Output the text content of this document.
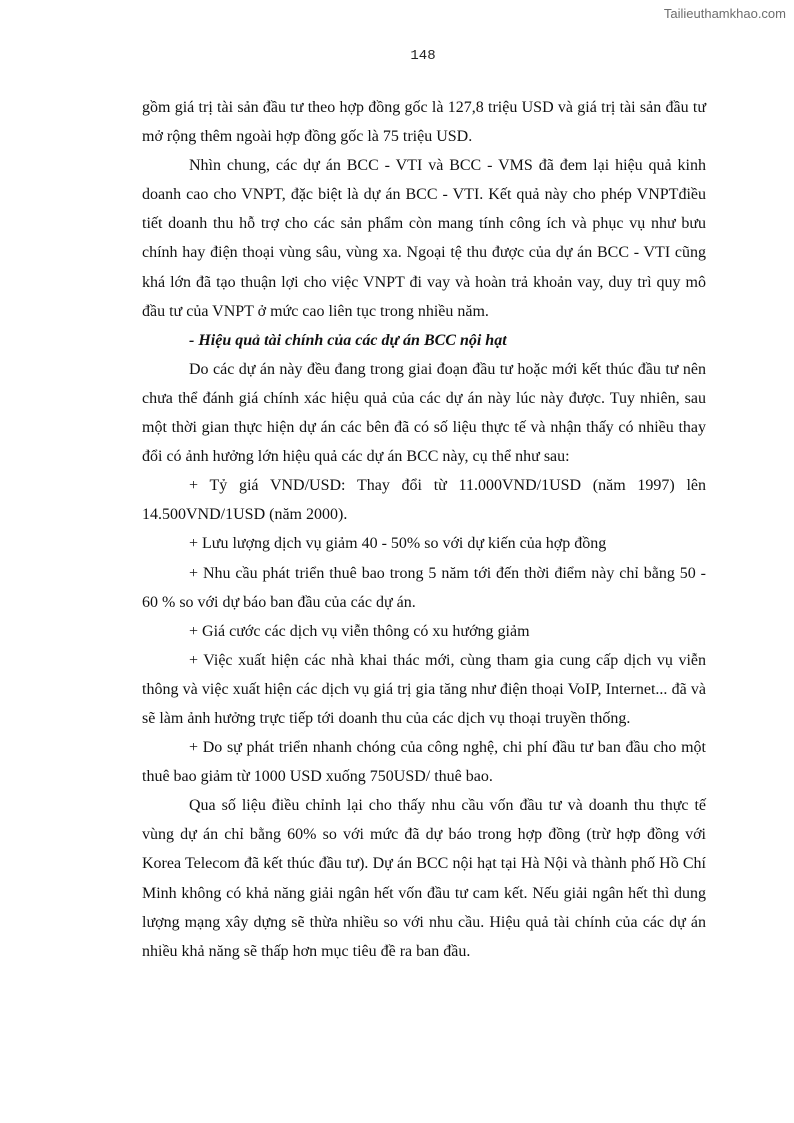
Tailieuthamkhao.com
148

gồm giá trị tài sản đầu tư theo hợp đồng gốc là 127,8 triệu USD và giá trị tài sản đầu tư mở rộng thêm ngoài hợp đồng gốc là 75 triệu USD.

Nhìn chung, các dự án BCC - VTI và BCC - VMS đã đem lại hiệu quả kinh doanh cao cho VNPT, đặc biệt là dự án BCC - VTI. Kết quả này cho phép VNPTđiều tiết doanh thu hỗ trợ cho các sản phẩm còn mang tính công ích và phục vụ như bưu chính hay điện thoại vùng sâu, vùng xa. Ngoại tệ thu được của dự án BCC - VTI cũng khá lớn đã tạo thuận lợi cho việc VNPT đi vay và hoàn trả khoản vay, duy trì quy mô đầu tư của VNPT ở mức cao liên tục trong nhiều năm.

- Hiệu quả tài chính của các dự án BCC nội hạt

Do các dự án này đều đang trong giai đoạn đầu tư hoặc mới kết thúc đầu tư nên chưa thể đánh giá chính xác hiệu quả của các dự án này lúc này được. Tuy nhiên, sau một thời gian thực hiện dự án các bên đã có số liệu thực tế và nhận thấy có nhiều thay đổi có ảnh hưởng lớn hiệu quả các dự án BCC này, cụ thể như sau:

+ Tỷ giá VND/USD: Thay đổi từ 11.000VND/1USD (năm 1997) lên 14.500VND/1USD (năm 2000).

+ Lưu lượng dịch vụ giảm 40 - 50% so với dự kiến của hợp đồng

+ Nhu cầu phát triển thuê bao trong 5 năm tới đến thời điểm này chỉ bằng 50 - 60 % so với dự báo ban đầu của các dự án.

+ Giá cước các dịch vụ viễn thông có xu hướng giảm

+ Việc xuất hiện các nhà khai thác mới, cùng tham gia cung cấp dịch vụ viễn thông và việc xuất hiện các dịch vụ giá trị gia tăng như điện thoại VoIP, Internet... đã và sẽ làm ảnh hưởng trực tiếp tới doanh thu của các dịch vụ thoại truyền thống.

+ Do sự phát triển nhanh chóng của công nghệ, chi phí đầu tư ban đầu cho một thuê bao giảm từ 1000 USD xuống 750USD/ thuê bao.

Qua số liệu điều chỉnh lại cho thấy nhu cầu vốn đầu tư và doanh thu thực tế vùng dự án chỉ bằng 60% so với mức đã dự báo trong hợp đồng (trừ hợp đồng với Korea Telecom đã kết thúc đầu tư). Dự án BCC nội hạt tại Hà Nội và thành phố Hồ Chí Minh không có khả năng giải ngân hết vốn đầu tư cam kết. Nếu giải ngân hết thì dung lượng mạng xây dựng sẽ thừa nhiều so với nhu cầu. Hiệu quả tài chính của các dự án nhiều khả năng sẽ thấp hơn mục tiêu đề ra ban đầu.
